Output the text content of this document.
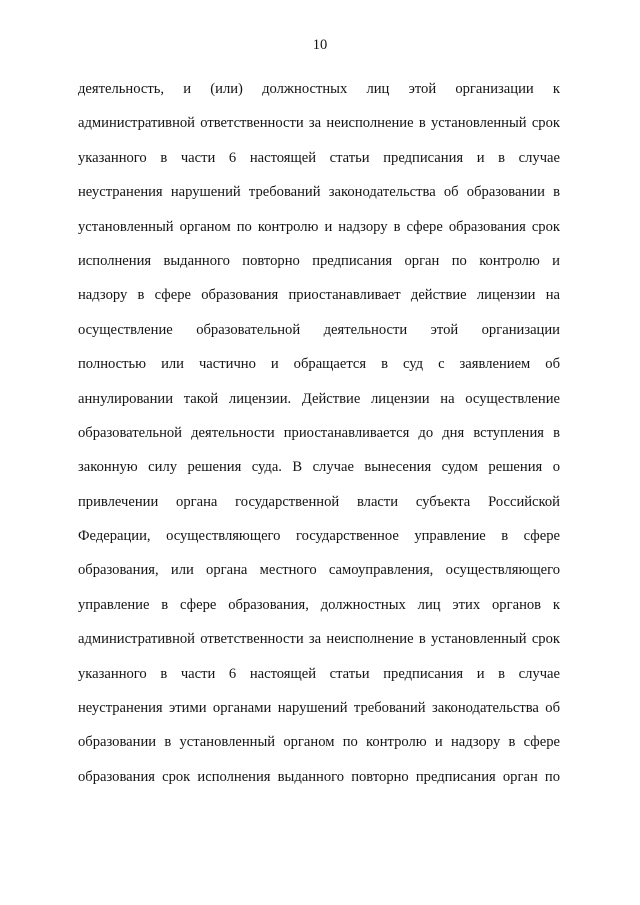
10
деятельность, и (или) должностных лиц этой организации к
административной ответственности за неисполнение в установленный срок
указанного в части 6 настоящей статьи предписания и в случае
неустранения нарушений требований законодательства об образовании в
установленный органом по контролю и надзору в сфере образования срок
исполнения выданного повторно предписания орган по контролю и
надзору в сфере образования приостанавливает действие лицензии на
осуществление образовательной деятельности этой организации
полностью или частично и обращается в суд с заявлением об
аннулировании такой лицензии. Действие лицензии на осуществление
образовательной деятельности приостанавливается до дня вступления в
законную силу решения суда. В случае вынесения судом решения о
привлечении органа государственной власти субъекта Российской
Федерации, осуществляющего государственное управление в сфере
образования, или органа местного самоуправления, осуществляющего
управление в сфере образования, должностных лиц этих органов к
административной ответственности за неисполнение в установленный срок
указанного в части 6 настоящей статьи предписания и в случае
неустранения этими органами нарушений требований законодательства об
образовании в установленный органом по контролю и надзору в сфере
образования срок исполнения выданного повторно предписания орган по
